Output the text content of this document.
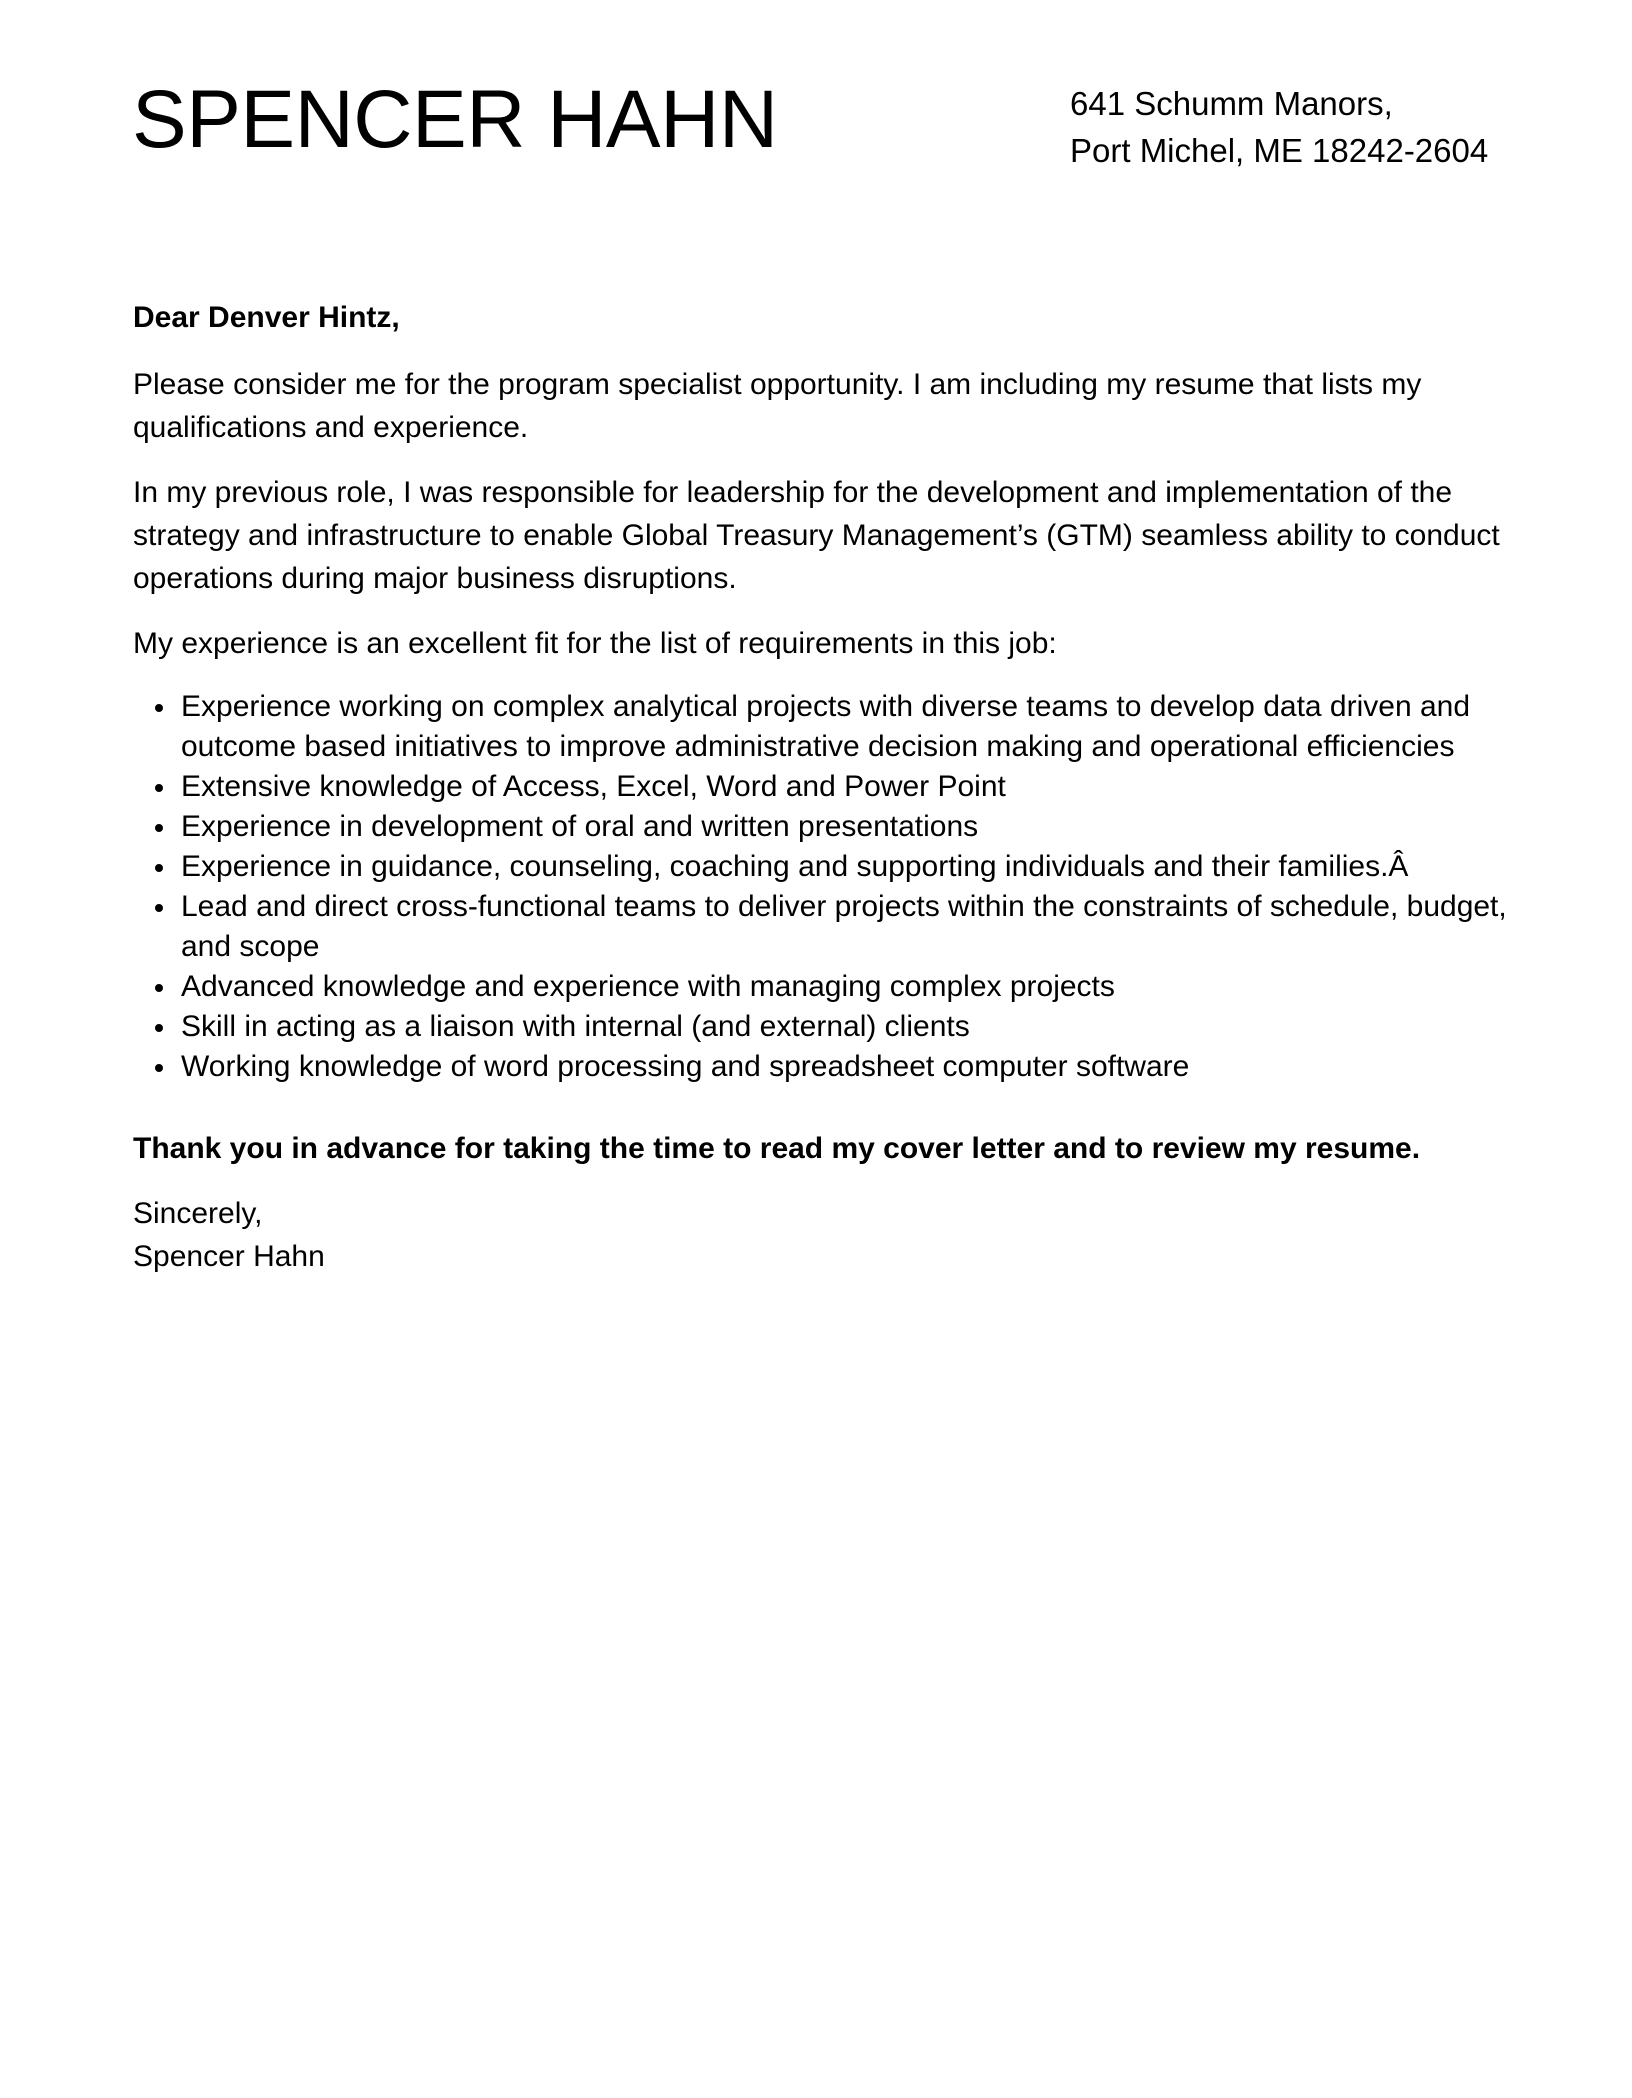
SPENCER HAHN	641 Schumm Manors,
Port Michel, ME 18242-2604

Dear Denver Hintz,

Please consider me for the program specialist opportunity. I am including my resume that lists my qualifications and experience.

In my previous role, I was responsible for leadership for the development and implementation of the strategy and infrastructure to enable Global Treasury Management’s (GTM) seamless ability to conduct operations during major business disruptions.

My experience is an excellent fit for the list of requirements in this job:

Experience working on complex analytical projects with diverse teams to develop data driven and outcome based initiatives to improve administrative decision making and operational efficiencies
Extensive knowledge of Access, Excel, Word and Power Point
Experience in development of oral and written presentations
Experience in guidance, counseling, coaching and supporting individuals and their families.Â
Lead and direct cross-functional teams to deliver projects within the constraints of schedule, budget, and scope
Advanced knowledge and experience with managing complex projects
Skill in acting as a liaison with internal (and external) clients
Working knowledge of word processing and spreadsheet computer software

Thank you in advance for taking the time to read my cover letter and to review my resume.

Sincerely,
Spencer Hahn
